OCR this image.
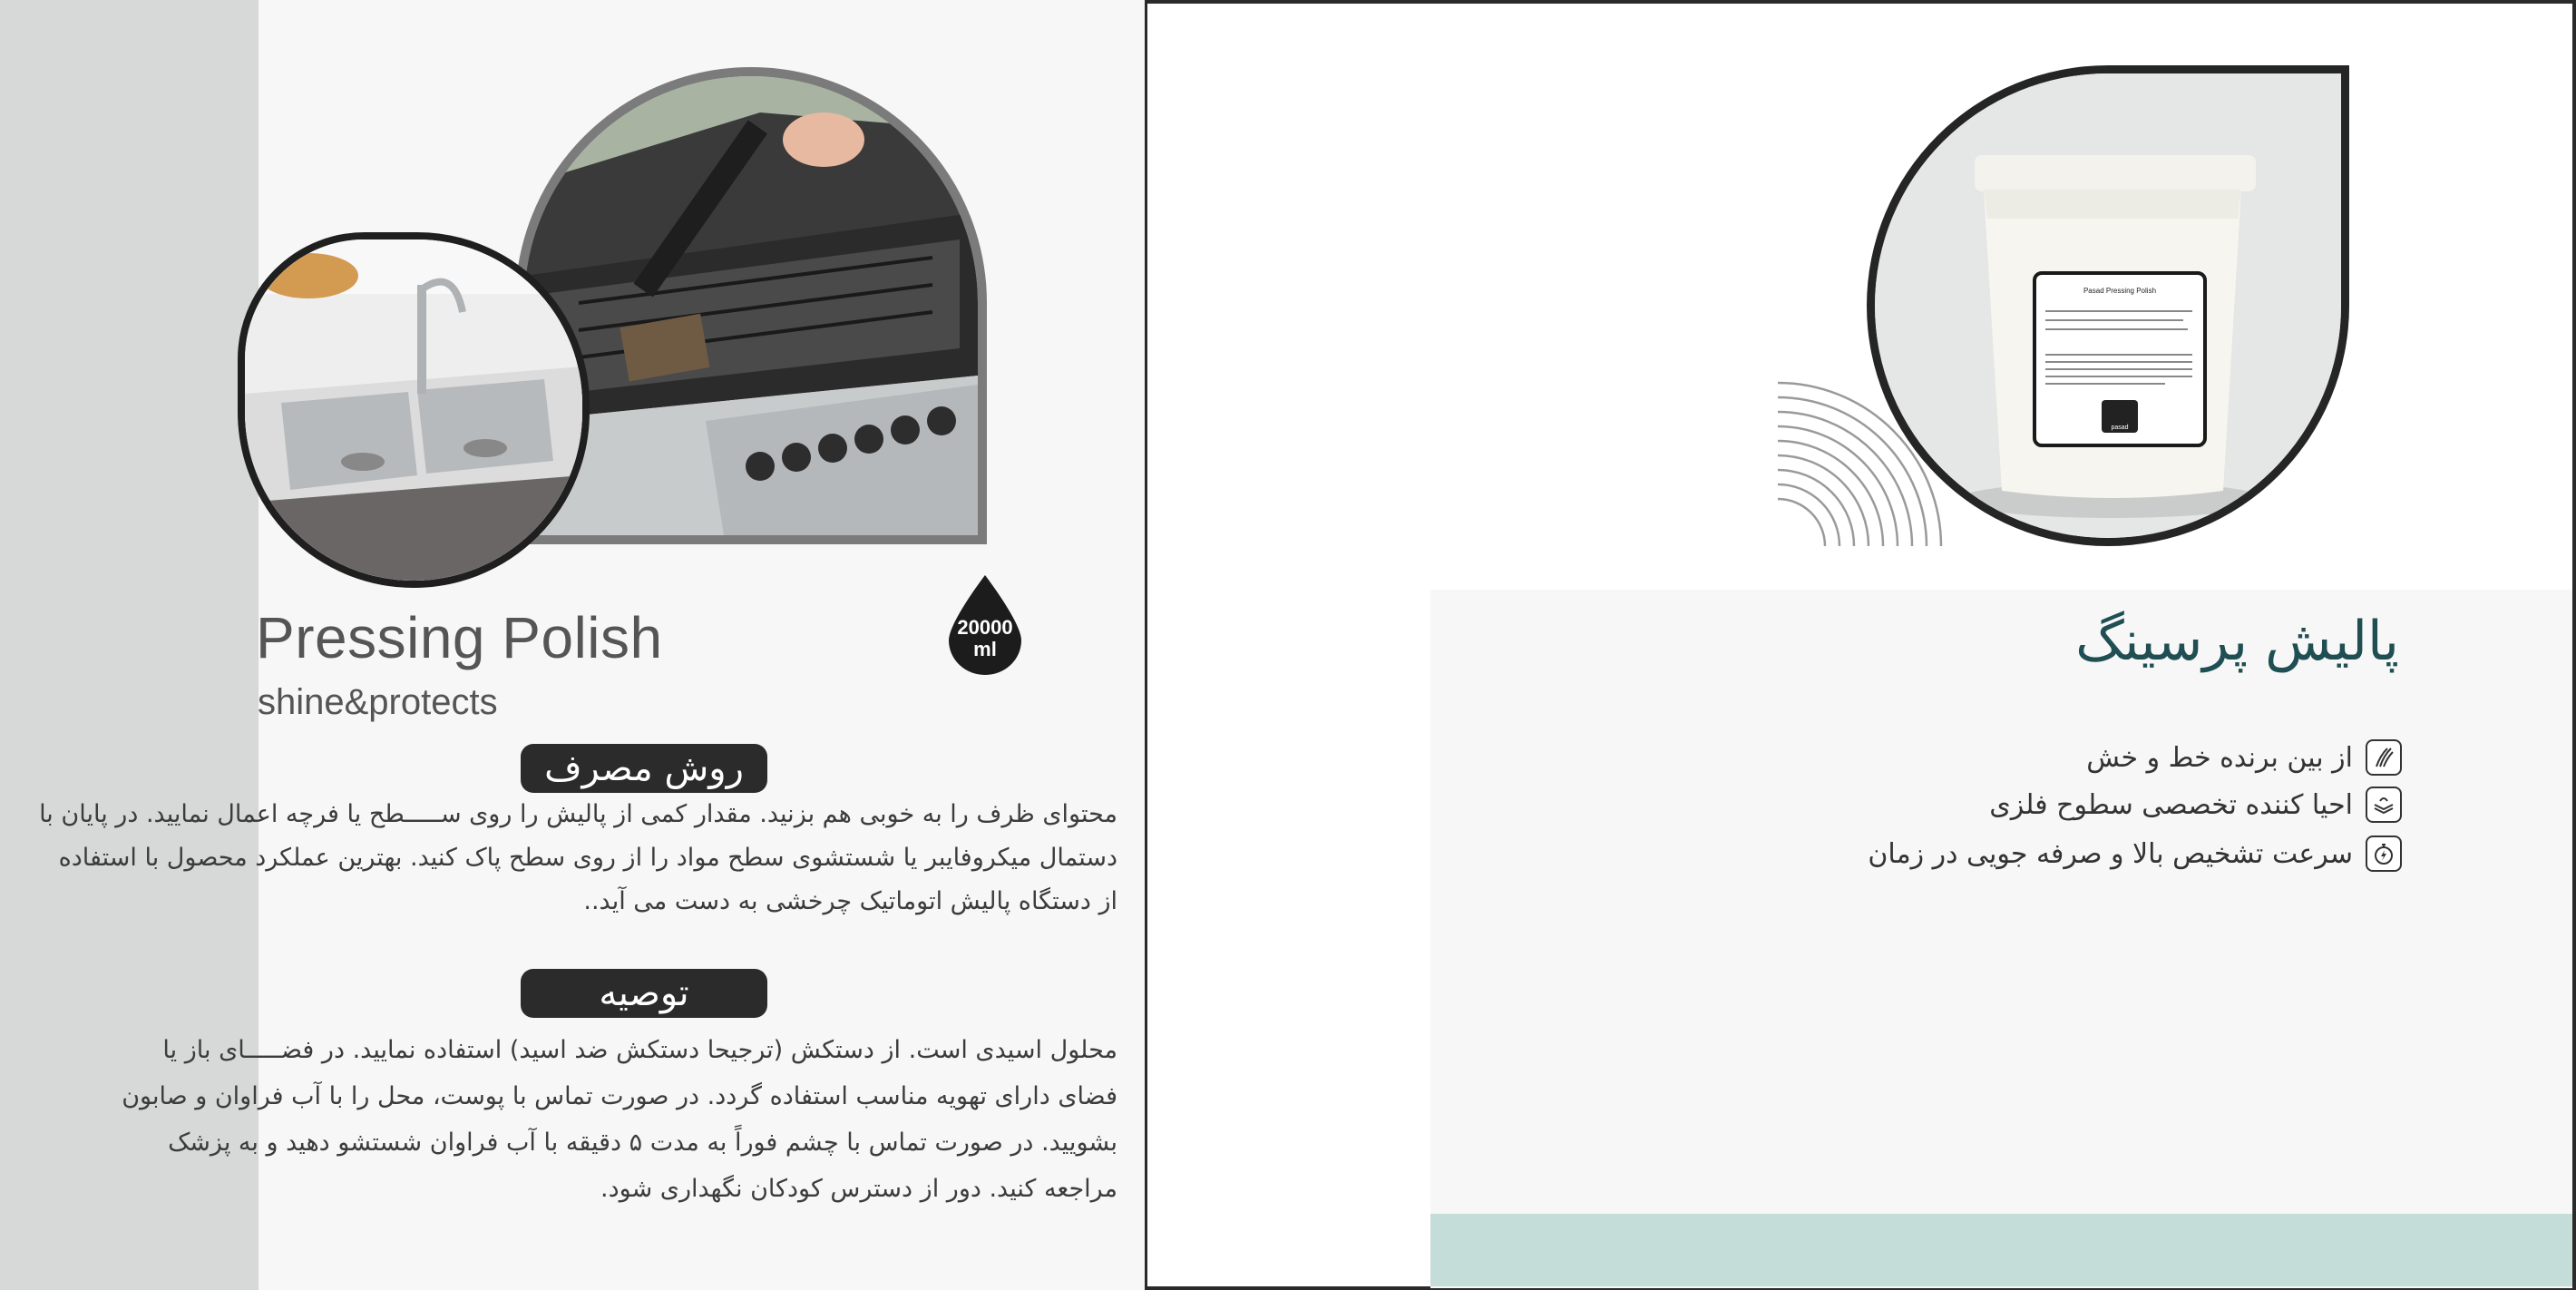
20000
ml
Pressing Polish
shine&protects
روش مصرف
محتوای ظرف را به خوبی هم بزنید. مقدار کمی از پالیش را روی ســـــطح یا فرچه اعمال نمایید. در پایان با
دستمال میکروفایبر یا شستشوی سطح مواد را از روی سطح پاک کنید. بهترین عملکرد محصول با استفاده
از دستگاه پالیش اتوماتیک چرخشی به دست می آید..
توصیه
محلول اسیدی است. از دستکش (ترجیحا دستکش ضد اسید) استفاده نمایید. در فضـــــای باز یا
فضای دارای تهویه مناسب استفاده گردد. در صورت تماس با پوست، محل را با آب فراوان و صابون
بشویید. در صورت تماس با چشم فوراً به مدت ۵ دقیقه با آب فراوان شستشو دهید و به پزشک
مراجعه کنید. دور از دسترس کودکان نگهداری شود.
Pasad Pressing Polish
pasad
پالیش پرسینگ
از بین برنده خط و خش
احیا کننده تخصصی سطوح فلزی
سرعت تشخیص بالا و صرفه جویی در زمان
